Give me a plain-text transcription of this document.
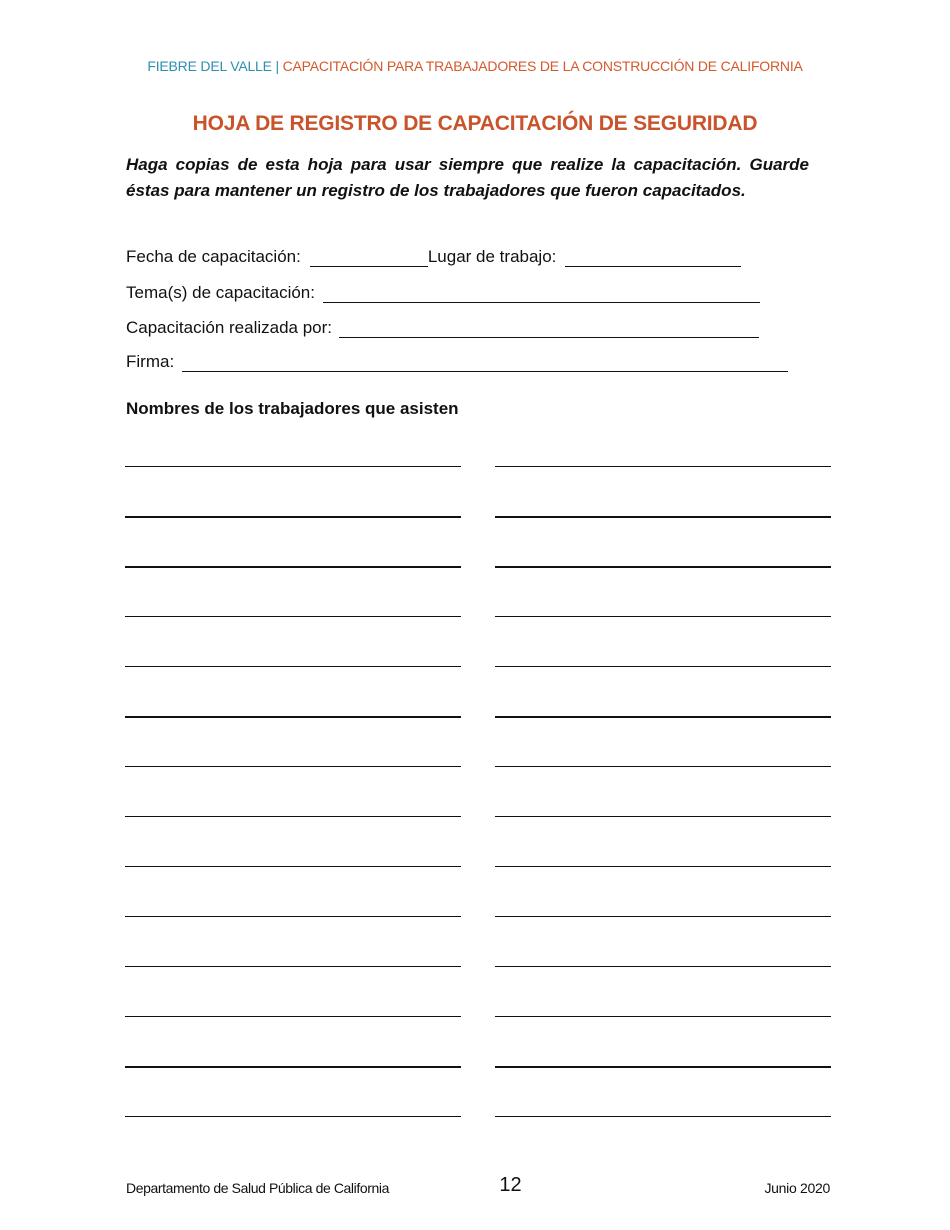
FIEBRE DEL VALLE | CAPACITACIÓN PARA TRABAJADORES DE LA CONSTRUCCIÓN DE CALIFORNIA
HOJA DE REGISTRO DE CAPACITACIÓN DE SEGURIDAD
Haga copias de esta hoja para usar siempre que realize la capacitación. Guarde éstas para mantener un registro de los trabajadores que fueron capacitados.
Fecha de capacitación:	Lugar de trabajo:
Tema(s) de capacitación:
Capacitación realizada por:
Firma:
Nombres de los trabajadores que asisten
Departamento de Salud Pública de California	12	Junio 2020
